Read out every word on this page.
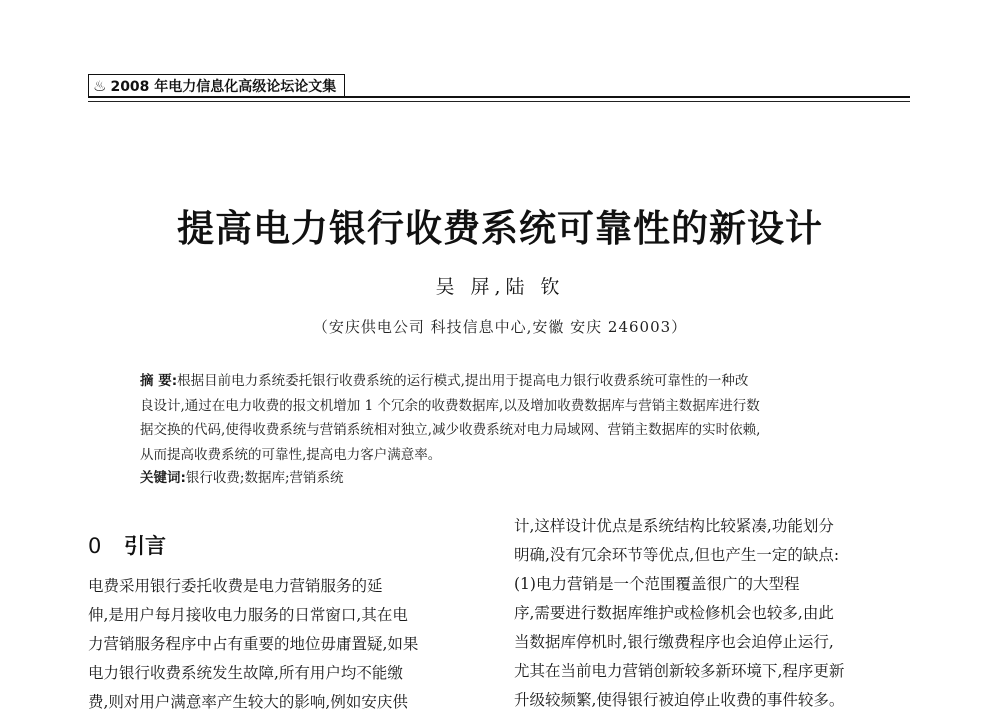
♨ 2008 年电力信息化高级论坛论文集
提高电力银行收费系统可靠性的新设计
吴 屏,陆 钦
（安庆供电公司 科技信息中心,安徽 安庆 246003）
摘 要:根据目前电力系统委托银行收费系统的运行模式,提出用于提高电力银行收费系统可靠性的一种改
良设计,通过在电力收费的报文机增加 1 个冗余的收费数据库,以及增加收费数据库与营销主数据库进行数
据交换的代码,使得收费系统与营销系统相对独立,减少收费系统对电力局域网、营销主数据库的实时依赖,
从而提高收费系统的可靠性,提高电力客户满意率。
关键词:银行收费;数据库;营销系统
0 引言
电费采用银行委托收费是电力营销服务的延
伸,是用户每月接收电力服务的日常窗口,其在电
力营销服务程序中占有重要的地位毋庸置疑,如果
电力银行收费系统发生故障,所有用户均不能缴
费,则对用户满意率产生较大的影响,例如安庆供
计,这样设计优点是系统结构比较紧凑,功能划分
明确,没有冗余环节等优点,但也产生一定的缺点:
(1)电力营销是一个范围覆盖很广的大型程
序,需要进行数据库维护或检修机会也较多,由此
当数据库停机时,银行缴费程序也会迫停止运行,
尤其在当前电力营销创新较多新环境下,程序更新
升级较频繁,使得银行被迫停止收费的事件较多。
